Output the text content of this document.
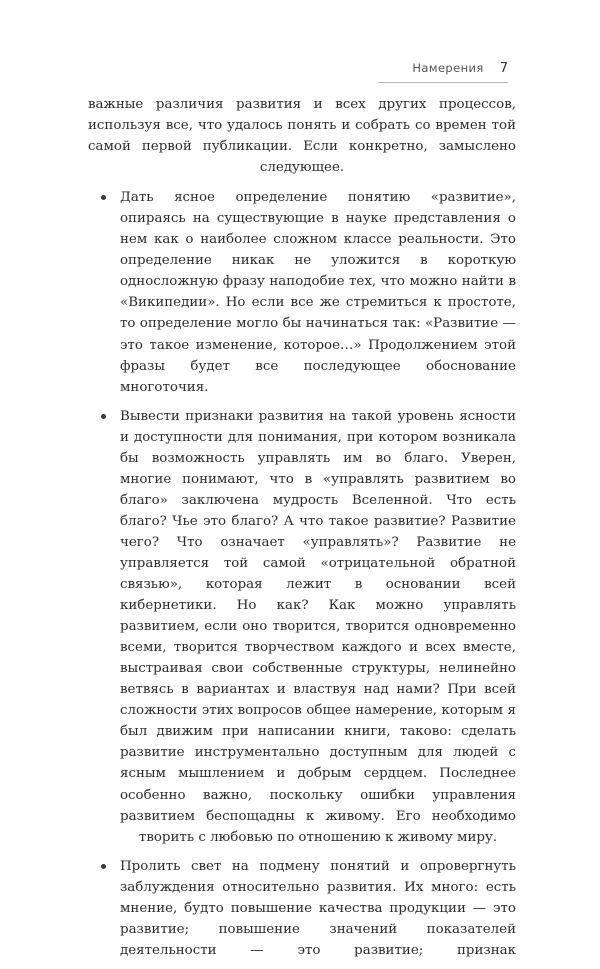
Намерения 7

важные различия развития и всех других процессов, используя все, что удалось понять и собрать со времен той самой первой публикации. Если конкретно, замыслено следующее.

Дать ясное определение понятию «развитие», опираясь на существующие в науке представления о нем как о наиболее сложном классе реальности. Это определение никак не уложится в короткую односложную фразу наподобие тех, что можно найти в «Википедии». Но если все же стремиться к простоте, то определение могло бы начинаться так: «Развитие — это такое изменение, которое…» Продолжением этой фразы будет все последующее обоснование многоточия.

Вывести признаки развития на такой уровень ясности и доступности для понимания, при котором возникала бы возможность управлять им во благо. Уверен, многие понимают, что в «управлять развитием во благо» заключена мудрость Вселенной. Что есть благо? Чье это благо? А что такое развитие? Развитие чего? Что означает «управлять»? Развитие не управляется той самой «отрицательной обратной связью», которая лежит в основании всей кибернетики. Но как? Как можно управлять развитием, если оно творится, творится одновременно всеми, творится творчеством каждого и всех вместе, выстраивая свои собственные структуры, нелинейно ветвясь в вариантах и властвуя над нами? При всей сложности этих вопросов общее намерение, которым я был движим при написании книги, таково: сделать развитие инструментально доступным для людей с ясным мышлением и добрым сердцем. Последнее особенно важно, поскольку ошибки управления развитием беспощадны к живому. Его необходимо творить с любовью по отношению к живому миру.

Пролить свет на подмену понятий и опровергнуть заблуждения относительно развития. Их много: есть мнение, будто повышение качества продукции — это развитие; повышение значений показателей деятельности — это развитие; признак
